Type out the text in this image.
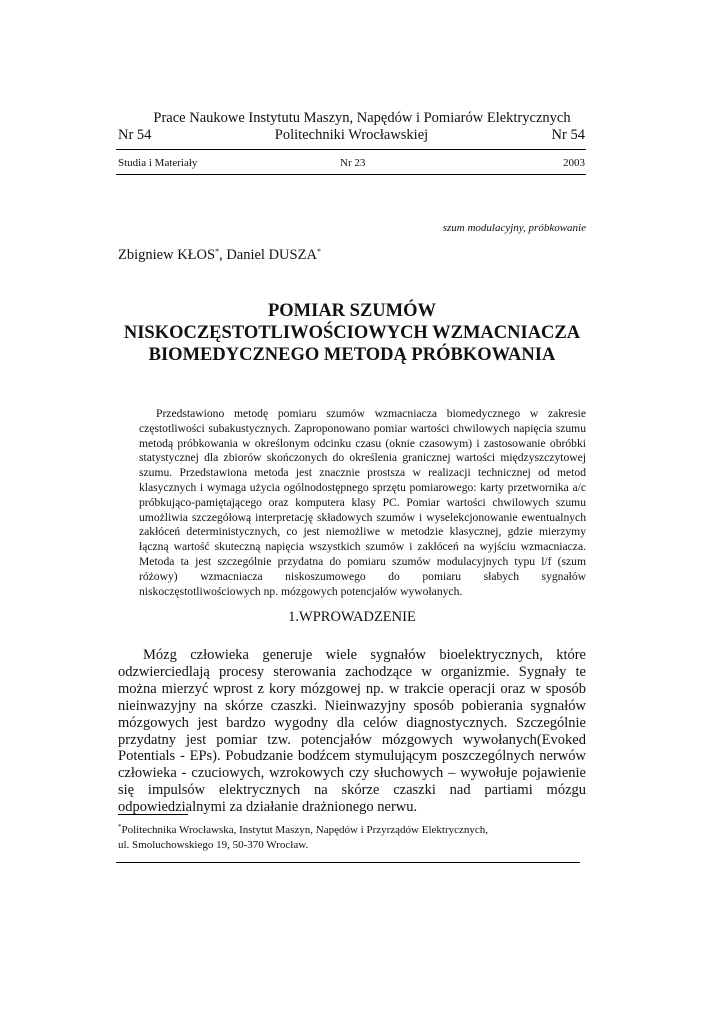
Prace Naukowe Instytutu Maszyn, Napędów i Pomiarów Elektrycznych
Nr 54	Politechniki Wrocławskiej	Nr 54
Studia i Materiały	Nr 23	2003
szum modulacyjny, próbkowanie
Zbigniew KŁOS*, Daniel DUSZA*
POMIAR SZUMÓW
NISKOCZĘSTOTLIWOŚCIOWYCH WZMACNIACZA
BIOMEDYCZNEGO METODĄ PRÓBKOWANIA

Przedstawiono metodę pomiaru szumów wzmacniacza biomedycznego w zakresie częstotliwości subakustycznych. Zaproponowano pomiar wartości chwilowych napięcia szumu metodą próbkowania w określonym odcinku czasu (oknie czasowym) i zastosowanie obróbki statystycznej dla zbiorów skończonych do określenia granicznej wartości międzyszczytowej szumu. Przedstawiona metoda jest znacznie prostsza w realizacji technicznej od metod klasycznych i wymaga użycia ogólnodostępnego sprzętu pomiarowego: karty przetwornika a/c próbkująco-pamiętającego oraz komputera klasy PC. Pomiar wartości chwilowych szumu umożliwia szczegółową interpretację składowych szumów i wyselekcjonowanie ewentualnych zakłóceń deterministycznych, co jest niemożliwe w metodzie klasycznej, gdzie mierzymy łączną wartość skuteczną napięcia wszystkich szumów i zakłóceń na wyjściu wzmacniacza. Metoda ta jest szczególnie przydatna do pomiaru szumów modulacyjnych typu l/f (szum różowy) wzmacniacza niskoszumowego do pomiaru słabych sygnałów niskoczęstotliwościowych np. mózgowych potencjałów wywołanych.

1.WPROWADZENIE

Mózg człowieka generuje wiele sygnałów bioelektrycznych, które odzwierciedlają procesy sterowania zachodzące w organizmie. Sygnały te można mierzyć wprost z kory mózgowej np. w trakcie operacji oraz w sposób nieinwazyjny na skórze czaszki. Nieinwazyjny sposób pobierania sygnałów mózgowych jest bardzo wygodny dla celów diagnostycznych. Szczególnie przydatny jest pomiar tzw. potencjałów mózgowych wywołanych(Evoked Potentials - EPs). Pobudzanie bodźcem stymulującym poszczególnych nerwów człowieka - czuciowych, wzrokowych czy słuchowych – wywołuje pojawienie się impulsów elektrycznych na skórze czaszki nad partiami mózgu odpowiedzialnymi za działanie drażnionego nerwu.

*Politechnika Wrocławska, Instytut Maszyn, Napędów i Przyrządów Elektrycznych,
ul. Smoluchowskiego 19, 50-370 Wrocław.
